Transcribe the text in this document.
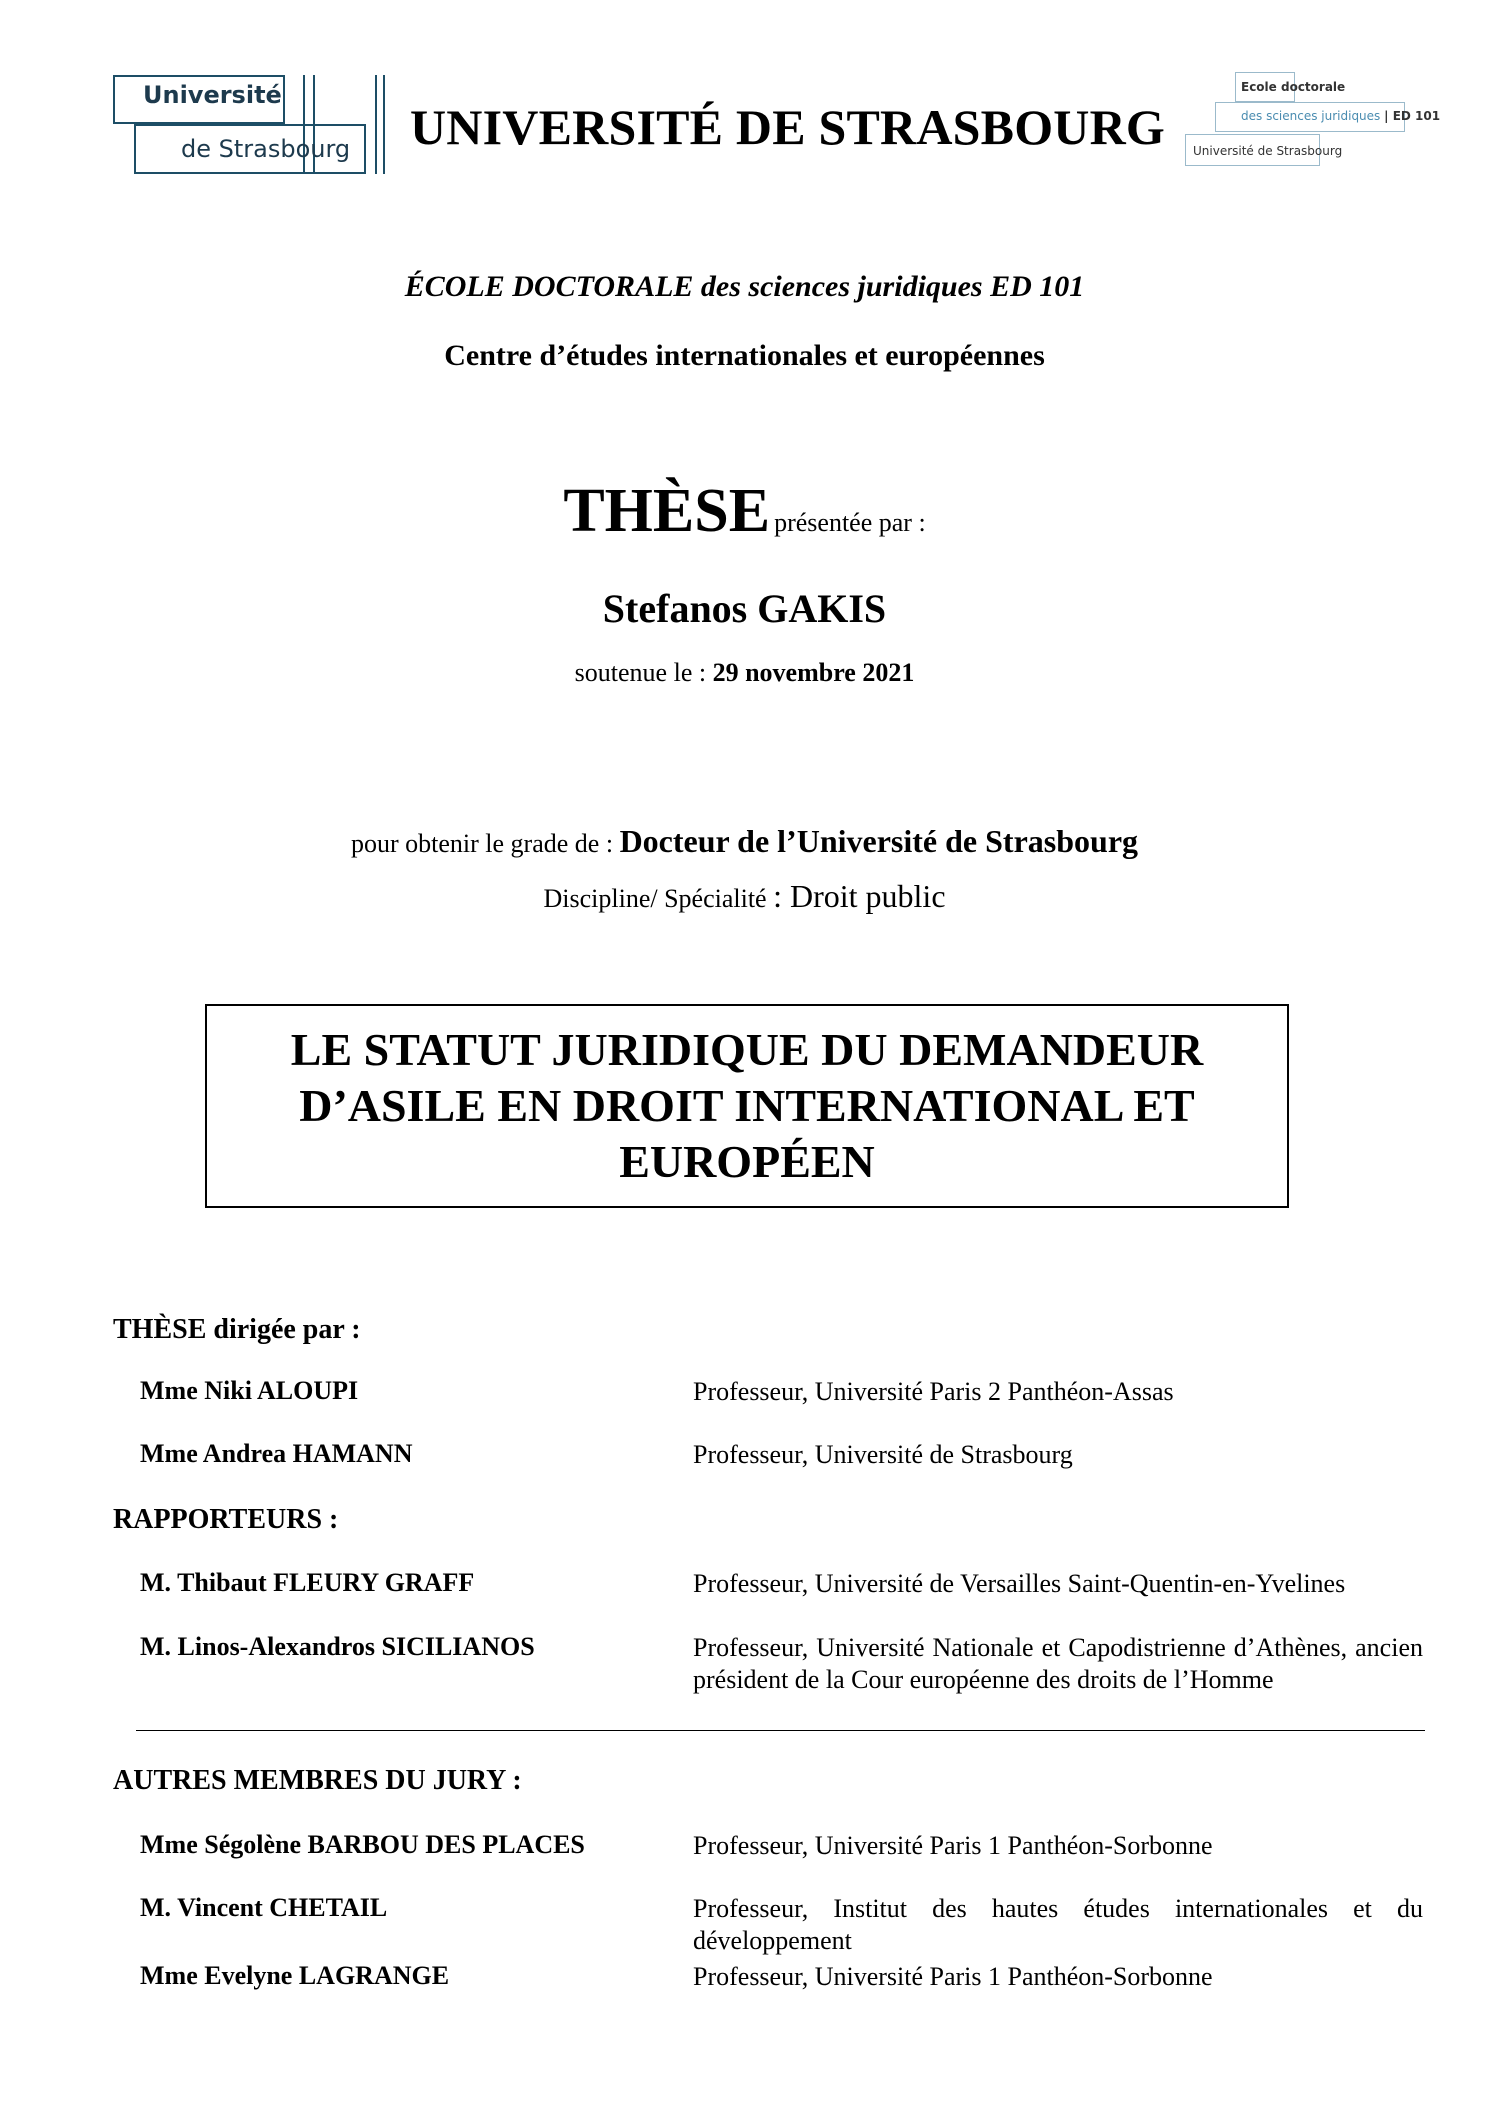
Université
de Strasbourg UNIVERSITÉ DE STRASBOURG
Ecole doctorale
des sciences juridiques | ED 101
Université de Strasbourg
ÉCOLE DOCTORALE des sciences juridiques ED 101
Centre d’études internationales et européennes
THÈSE présentée par :
Stefanos GAKIS
soutenue le : 29 novembre 2021
pour obtenir le grade de : Docteur de l’Université de Strasbourg
Discipline/ Spécialité : Droit public
LE STATUT JURIDIQUE DU DEMANDEUR
D’ASILE EN DROIT INTERNATIONAL ET
EUROPÉEN
THÈSE dirigée par :
Mme Niki ALOUPI	Professeur, Université Paris 2 Panthéon-Assas
Mme Andrea HAMANN	Professeur, Université de Strasbourg
RAPPORTEURS :
M. Thibaut FLEURY GRAFF	Professeur, Université de Versailles Saint-Quentin-en-Yvelines
M. Linos-Alexandros SICILIANOS	Professeur, Université Nationale et Capodistrienne d’Athènes, ancien président de la Cour européenne des droits de l’Homme
AUTRES MEMBRES DU JURY :
Mme Ségolène BARBOU DES PLACES	Professeur, Université Paris 1 Panthéon-Sorbonne
M. Vincent CHETAIL	Professeur, Institut des hautes études internationales et du développement
Mme Evelyne LAGRANGE	Professeur, Université Paris 1 Panthéon-Sorbonne
